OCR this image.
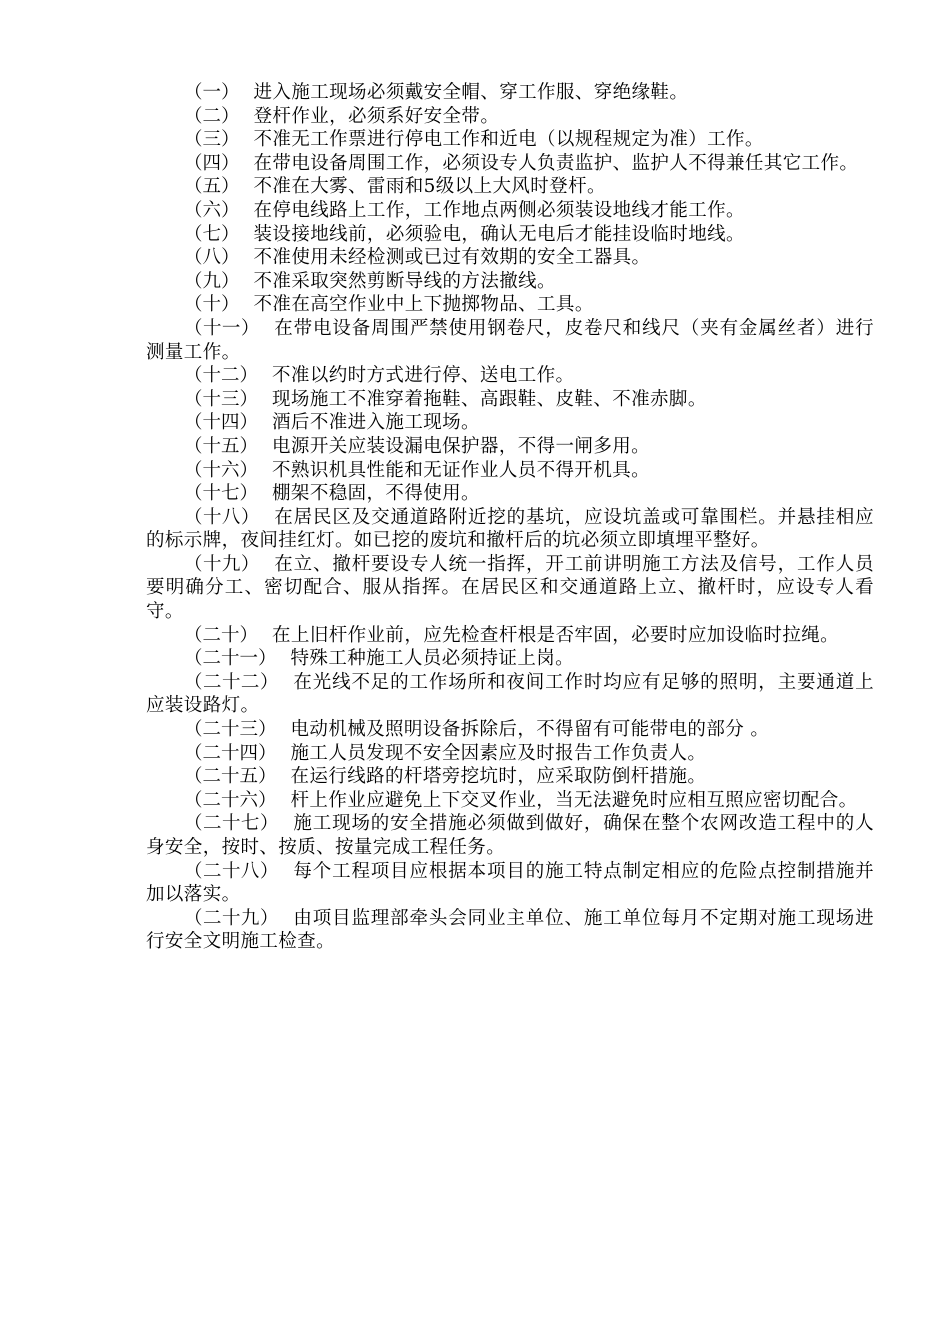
（一） 进入施工现场必须戴安全帽、穿工作服、穿绝缘鞋。

（二） 登杆作业，必须系好安全带。

（三） 不准无工作票进行停电工作和近电（以规程规定为准）工作。

（四） 在带电设备周围工作，必须设专人负责监护、监护人不得兼任其它工作。

（五） 不准在大雾、雷雨和5级以上大风时登杆。

（六） 在停电线路上工作，工作地点两侧必须装设地线才能工作。

（七） 装设接地线前，必须验电，确认无电后才能挂设临时地线。

（八） 不准使用未经检测或已过有效期的安全工器具。

（九） 不准采取突然剪断导线的方法撤线。

（十） 不准在高空作业中上下抛掷物品、工具。

（十一） 在带电设备周围严禁使用钢卷尺，皮卷尺和线尺（夹有金属丝者）进行测量工作。

（十二） 不准以约时方式进行停、送电工作。

（十三） 现场施工不准穿着拖鞋、高跟鞋、皮鞋、不准赤脚。

（十四） 酒后不准进入施工现场。

（十五） 电源开关应装设漏电保护器，不得一闸多用。

（十六） 不熟识机具性能和无证作业人员不得开机具。

（十七） 棚架不稳固，不得使用。

（十八） 在居民区及交通道路附近挖的基坑，应设坑盖或可靠围栏。并悬挂相应的标示牌，夜间挂红灯。如已挖的废坑和撤杆后的坑必须立即填埋平整好。

（十九） 在立、撤杆要设专人统一指挥，开工前讲明施工方法及信号，工作人员要明确分工、密切配合、服从指挥。在居民区和交通道路上立、撤杆时，应设专人看守。

（二十） 在上旧杆作业前，应先检查杆根是否牢固，必要时应加设临时拉绳。

（二十一） 特殊工种施工人员必须持证上岗。

（二十二） 在光线不足的工作场所和夜间工作时均应有足够的照明，主要通道上应装设路灯。

（二十三） 电动机械及照明设备拆除后，不得留有可能带电的部分 。

（二十四） 施工人员发现不安全因素应及时报告工作负责人。

（二十五） 在运行线路的杆塔旁挖坑时，应采取防倒杆措施。

（二十六） 杆上作业应避免上下交叉作业，当无法避免时应相互照应密切配合。

（二十七） 施工现场的安全措施必须做到做好，确保在整个农网改造工程中的人身安全，按时、按质、按量完成工程任务。

（二十八） 每个工程项目应根据本项目的施工特点制定相应的危险点控制措施并加以落实。

（二十九） 由项目监理部牵头会同业主单位、施工单位每月不定期对施工现场进行安全文明施工检查。
